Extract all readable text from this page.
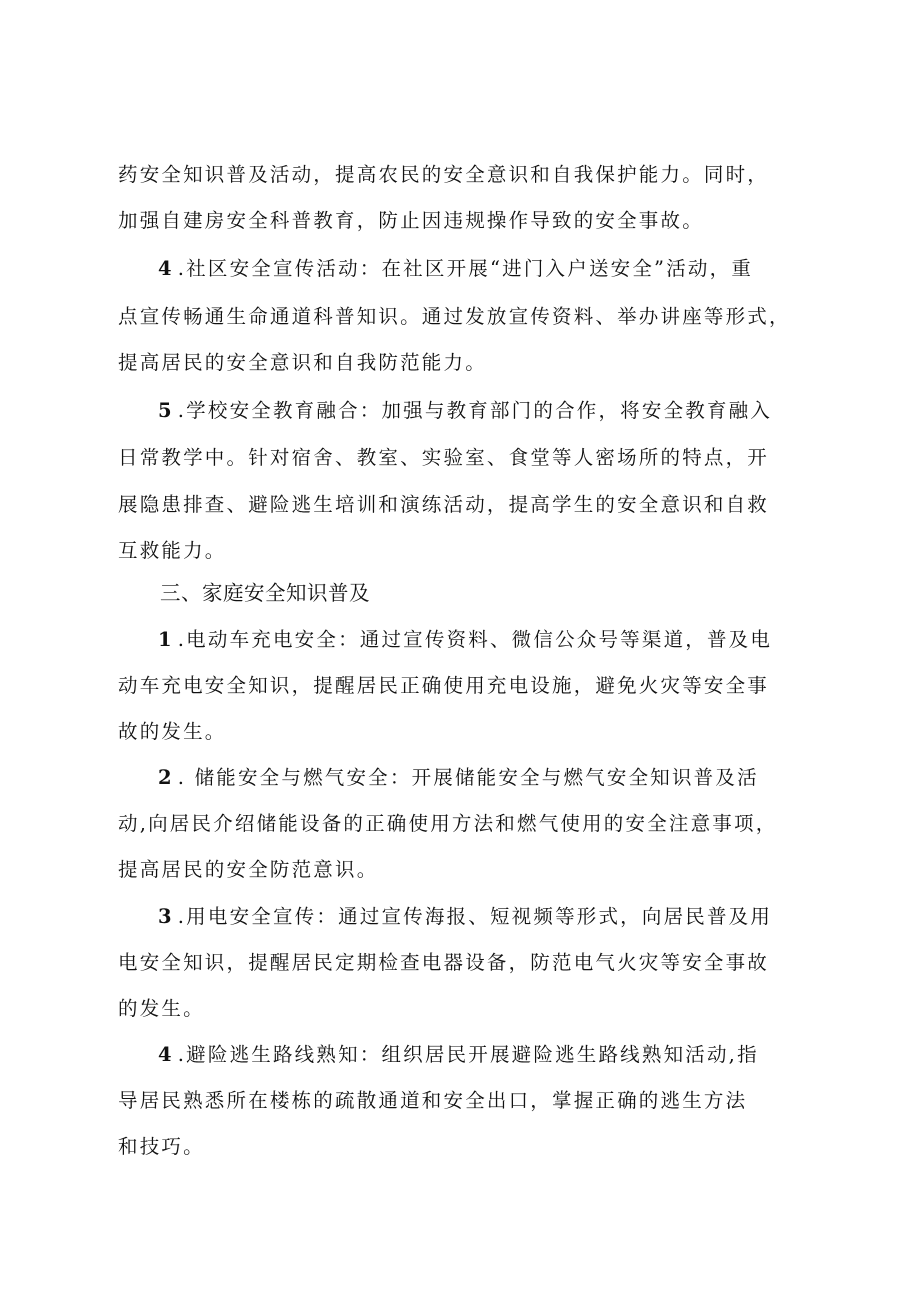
药安全知识普及活动，提高农民的安全意识和自我保护能力。同时，
加强自建房安全科普教育，防止因违规操作导致的安全事故。
4 .社区安全宣传活动：在社区开展“进门入户送安全”活动，重
点宣传畅通生命通道科普知识。通过发放宣传资料、举办讲座等形式，
提高居民的安全意识和自我防范能力。
5 .学校安全教育融合：加强与教育部门的合作，将安全教育融入
日常教学中。针对宿舍、教室、实验室、食堂等人密场所的特点，开
展隐患排查、避险逃生培训和演练活动，提高学生的安全意识和自救
互救能力。
三、家庭安全知识普及
1 .电动车充电安全：通过宣传资料、微信公众号等渠道，普及电
动车充电安全知识，提醒居民正确使用充电设施，避免火灾等安全事
故的发生。
2 . 储能安全与燃气安全：开展储能安全与燃气安全知识普及活
动,向居民介绍储能设备的正确使用方法和燃气使用的安全注意事项，
提高居民的安全防范意识。
3 .用电安全宣传：通过宣传海报、短视频等形式，向居民普及用
电安全知识，提醒居民定期检查电器设备，防范电气火灾等安全事故
的发生。
4 .避险逃生路线熟知：组织居民开展避险逃生路线熟知活动,指
导居民熟悉所在楼栋的疏散通道和安全出口，掌握正确的逃生方法
和技巧。
